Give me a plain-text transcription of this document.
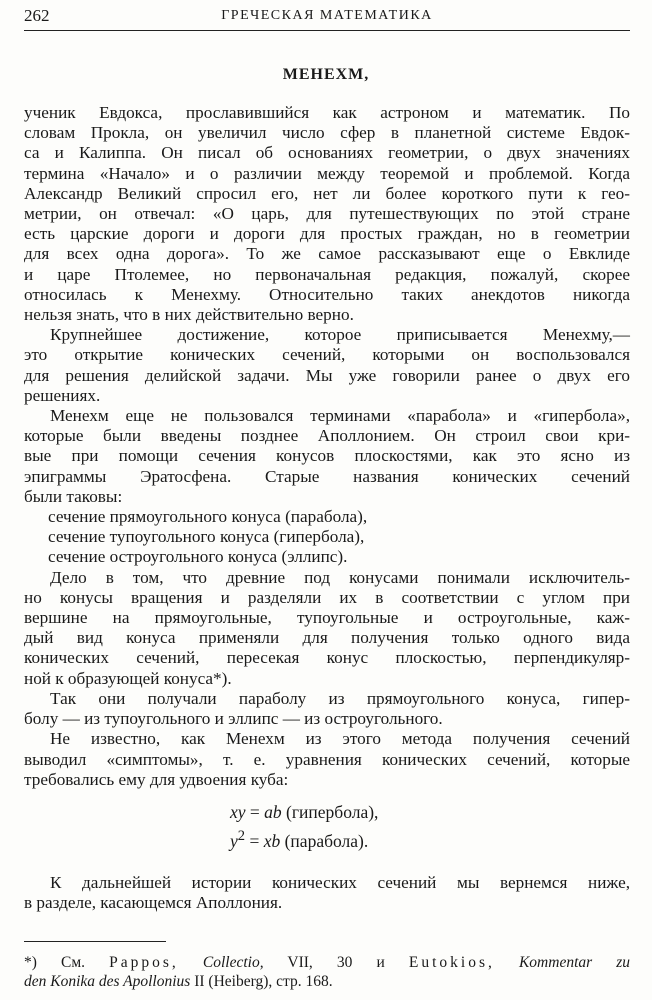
262	ГРЕЧЕСКАЯ МАТЕМАТИКА
МЕНЕХМ,
ученик Евдокса, прославившийся как астроном и математик. По
словам Прокла, он увеличил число сфер в планетной системе Евдок-
са и Калиппа. Он писал об основаниях геометрии, о двух значениях
термина «Начало» и о различии между теоремой и проблемой. Когда
Александр Великий спросил его, нет ли более короткого пути к гео-
метрии, он отвечал: «О царь, для путешествующих по этой стране
есть царские дороги и дороги для простых граждан, но в геометрии
для всех одна дорога». То же самое рассказывают еще о Евклиде
и царе Птолемее, но первоначальная редакция, пожалуй, скорее
относилась к Менехму. Относительно таких анекдотов никогда
нельзя знать, что в них действительно верно.
Крупнейшее достижение, которое приписывается Менехму,—
это открытие конических сечений, которыми он воспользовался
для решения делийской задачи. Мы уже говорили ранее о двух его
решениях.
Менехм еще не пользовался терминами «парабола» и «гипербола»,
которые были введены позднее Аполлонием. Он строил свои кри-
вые при помощи сечения конусов плоскостями, как это ясно из
эпиграммы Эратосфена. Старые названия конических сечений
были таковы:
сечение прямоугольного конуса (парабола),
сечение тупоугольного конуса (гипербола),
сечение остроугольного конуса (эллипс).
Дело в том, что древние под конусами понимали исключитель-
но конусы вращения и разделяли их в соответствии с углом при
вершине на прямоугольные, тупоугольные и остроугольные, каж-
дый вид конуса применяли для получения только одного вида
конических сечений, пересекая конус плоскостью, перпендикуляр-
ной к образующей конуса*).
Так они получали параболу из прямоугольного конуса, гипер-
болу — из тупоугольного и эллипс — из остроугольного.
Не известно, как Менехм из этого метода получения сечений
выводил «симптомы», т. е. уравнения конических сечений, которые
требовались ему для удвоения куба:
xy = ab (гипербола),
$y^2$ = xb (парабола).
К дальнейшей истории конических сечений мы вернемся ниже,
в разделе, касающемся Аполлония.
*) См. Pappos, Collectio, VII, 30 и Eutokios, Kommentar zu
den Konika des Apollonius II (Heiberg), стр. 168.
